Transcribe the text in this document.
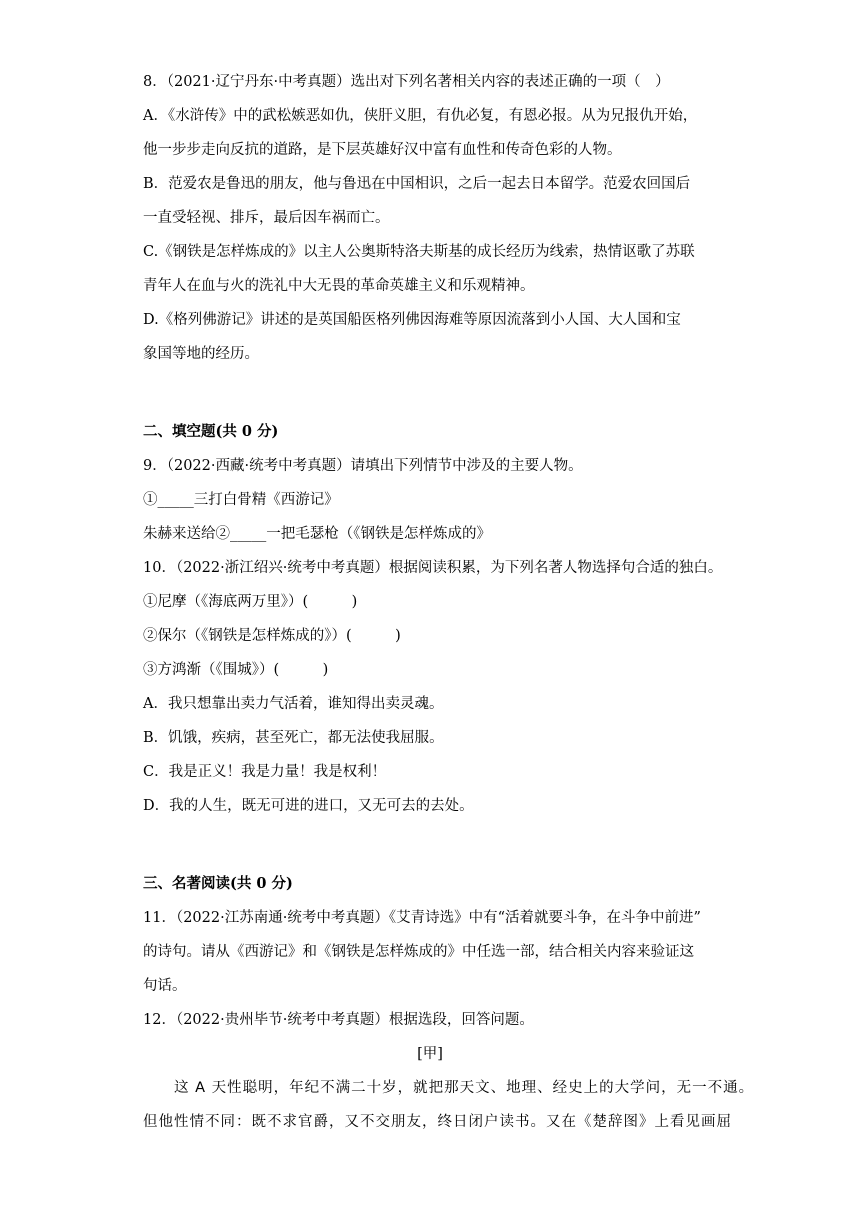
8．（2021·辽宁丹东·中考真题）选出对下列名著相关内容的表述正确的一项（　）
A．《水浒传》中的武松嫉恶如仇，侠肝义胆，有仇必复，有恩必报。从为兄报仇开始，
他一步步走向反抗的道路，是下层英雄好汉中富有血性和传奇色彩的人物。
B．范爱农是鲁迅的朋友，他与鲁迅在中国相识，之后一起去日本留学。范爱农回国后
一直受轻视、排斥，最后因车祸而亡。
C.《钢铁是怎样炼成的》以主人公奥斯特洛夫斯基的成长经历为线索，热情讴歌了苏联
青年人在血与火的洗礼中大无畏的革命英雄主义和乐观精神。
D.《格列佛游记》讲述的是英国船医格列佛因海难等原因流落到小人国、大人国和宝
象国等地的经历。
二、填空题(共 0 分)
9．（2022·西藏·统考中考真题）请填出下列情节中涉及的主要人物。
①_____三打白骨精《西游记》
朱赫来送给②_____一把毛瑟枪（《钢铁是怎样炼成的》
10．（2022·浙江绍兴·统考中考真题）根据阅读积累，为下列名著人物选择句合适的独白。
①尼摩（《海底两万里》）(　　　)
②保尔（《钢铁是怎样炼成的》）(　　　)
③方鸿渐（《围城》）(　　　)
A．我只想靠出卖力气活着，谁知得出卖灵魂。
B．饥饿，疾病，甚至死亡，都无法使我屈服。
C．我是正义！我是力量！我是权利！
D．我的人生，既无可进的进口，又无可去的去处。
三、名著阅读(共 0 分)
11．（2022·江苏南通·统考中考真题）《艾青诗选》中有“活着就要斗争，在斗争中前进”
的诗句。请从《西游记》和《钢铁是怎样炼成的》中任选一部，结合相关内容来验证这
句话。
12．（2022·贵州毕节·统考中考真题）根据选段，回答问题。
[甲]
　　这 A 天性聪明，年纪不满二十岁，就把那天文、地理、经史上的大学问，无一不通。
但他性情不同：既不求官爵，又不交朋友，终日闭户读书。又在《楚辞图》上看见画屈
